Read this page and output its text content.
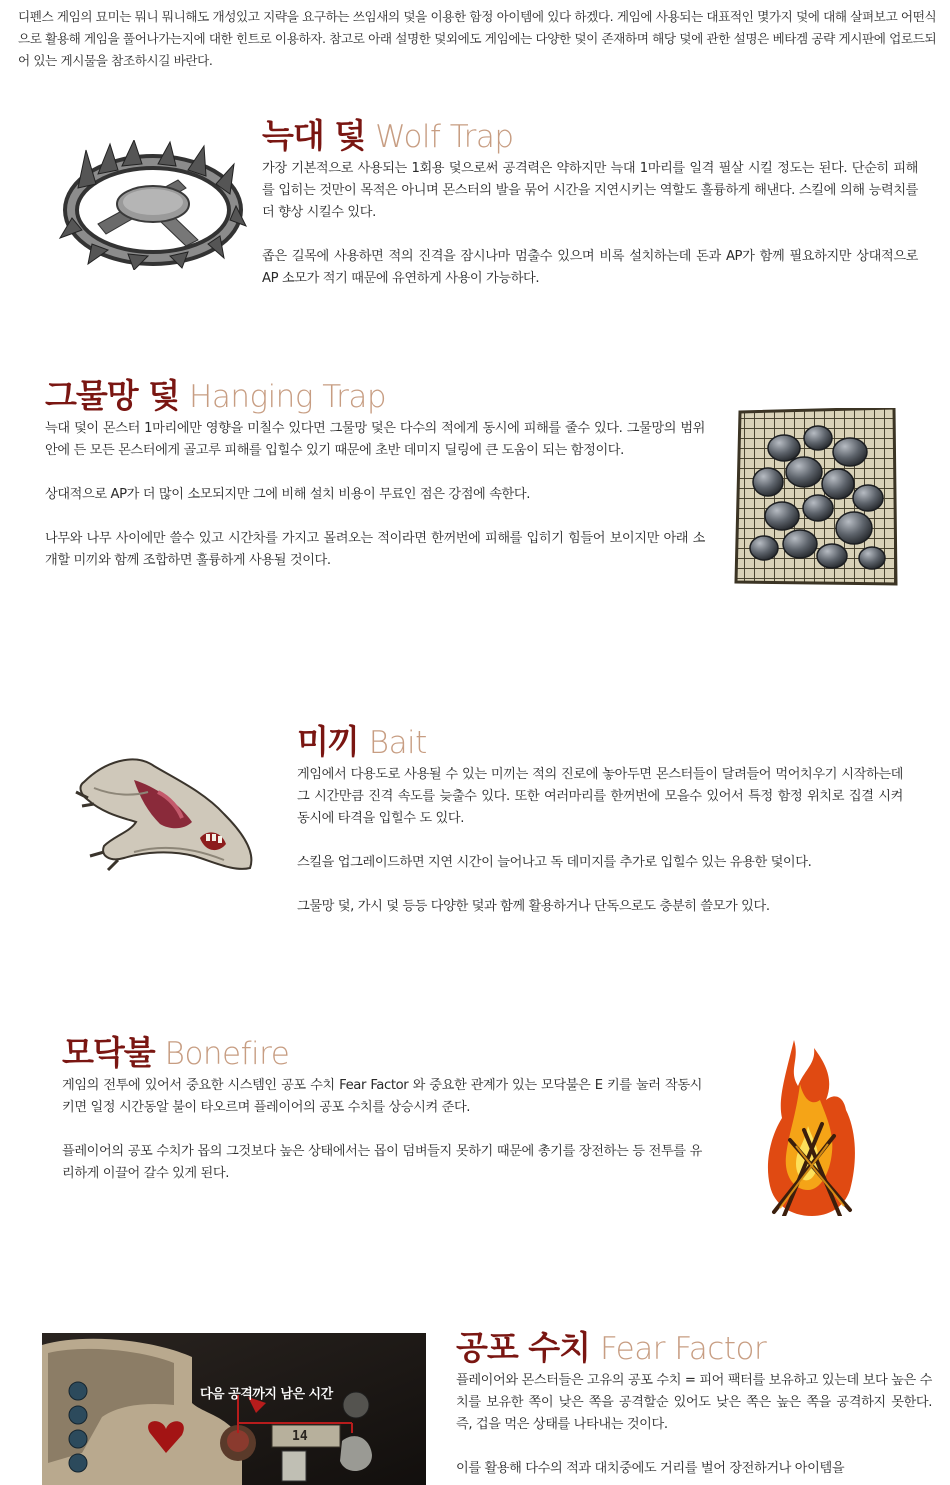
디펜스 게임의 묘미는 뭐니 뭐니해도 개성있고 지략을 요구하는 쓰임새의 덫을 이용한 함정 아이템에 있다 하겠다. 게임에 사용되는 대표적인 몇가지 덫에 대해 살펴보고 어떤식으로 활용해 게임을 풀어나가는지에 대한 힌트로 이용하자. 참고로 아래 설명한 덫외에도 게임에는 다양한 덫이 존재하며 해당 덫에 관한 설명은 베타겜 공략 게시판에 업로드되어 있는 게시물을 참조하시길 바란다.
늑대 덫 Wolf Trap

가장 기본적으로 사용되는 1회용 덫으로써 공격력은 약하지만 늑대 1마리를 일격 필살 시킬 정도는 된다. 단순히 피해를 입히는 것만이 목적은 아니며 몬스터의 발을 묶어 시간을 지연시키는 역할도 훌륭하게 해낸다. 스킬에 의해 능력치를 더 향상 시킬수 있다.

좁은 길목에 사용하면 적의 진격을 잠시나마 멈출수 있으며 비록 설치하는데 돈과 AP가 함께 필요하지만 상대적으로 AP 소모가 적기 때문에 유연하게 사용이 가능하다.

그물망 덫 Hanging Trap

늑대 덫이 몬스터 1마리에만 영향을 미칠수 있다면 그물망 덫은 다수의 적에게 동시에 피해를 줄수 있다. 그물망의 범위 안에 든 모든 몬스터에게 골고루 피해를 입힐수 있기 때문에 초반 데미지 딜링에 큰 도움이 되는 함정이다.

상대적으로 AP가 더 많이 소모되지만 그에 비해 설치 비용이 무료인 점은 강점에 속한다.

나무와 나무 사이에만 쓸수 있고 시간차를 가지고 몰려오는 적이라면 한꺼번에 피해를 입히기 힘들어 보이지만 아래 소개할 미끼와 함께 조합하면 훌륭하게 사용될 것이다.

미끼 Bait

게임에서 다용도로 사용될 수 있는 미끼는 적의 진로에 놓아두면 몬스터들이 달려들어 먹어치우기 시작하는데 그 시간만큼 진격 속도를 늦출수 있다. 또한 여러마리를 한꺼번에 모을수 있어서 특정 함정 위치로 집결 시켜 동시에 타격을 입힐수 도 있다.

스킬을 업그레이드하면 지연 시간이 늘어나고 독 데미지를 추가로 입힐수 있는 유용한 덫이다.

그물망 덫, 가시 덫 등등 다양한 덫과 함께 활용하거나 단독으로도 충분히 쓸모가 있다.

모닥불 Bonefire

게임의 전투에 있어서 중요한 시스템인 공포 수치 Fear Factor 와 중요한 관계가 있는 모닥불은 E 키를 눌러 작동시키면 일정 시간동알 불이 타오르며 플레이어의 공포 수치를 상승시켜 준다.

플레이어의 공포 수치가 몹의 그것보다 높은 상태에서는 몹이 덤벼들지 못하기 때문에 총기를 장전하는 등 전투를 유리하게 이끌어 갈수 있게 된다.

다음 공격까지 남은 시간
14
공포 수치 Fear Factor

플레이어와 몬스터들은 고유의 공포 수치 = 피어 팩터를 보유하고 있는데 보다 높은 수치를 보유한 쪽이 낮은 쪽을 공격할순 있어도 낮은 쪽은 높은 쪽을 공격하지 못한다. 즉, 겁을 먹은 상태를 나타내는 것이다.

이를 활용해 다수의 적과 대치중에도 거리를 벌어 장전하거나 아이템을
